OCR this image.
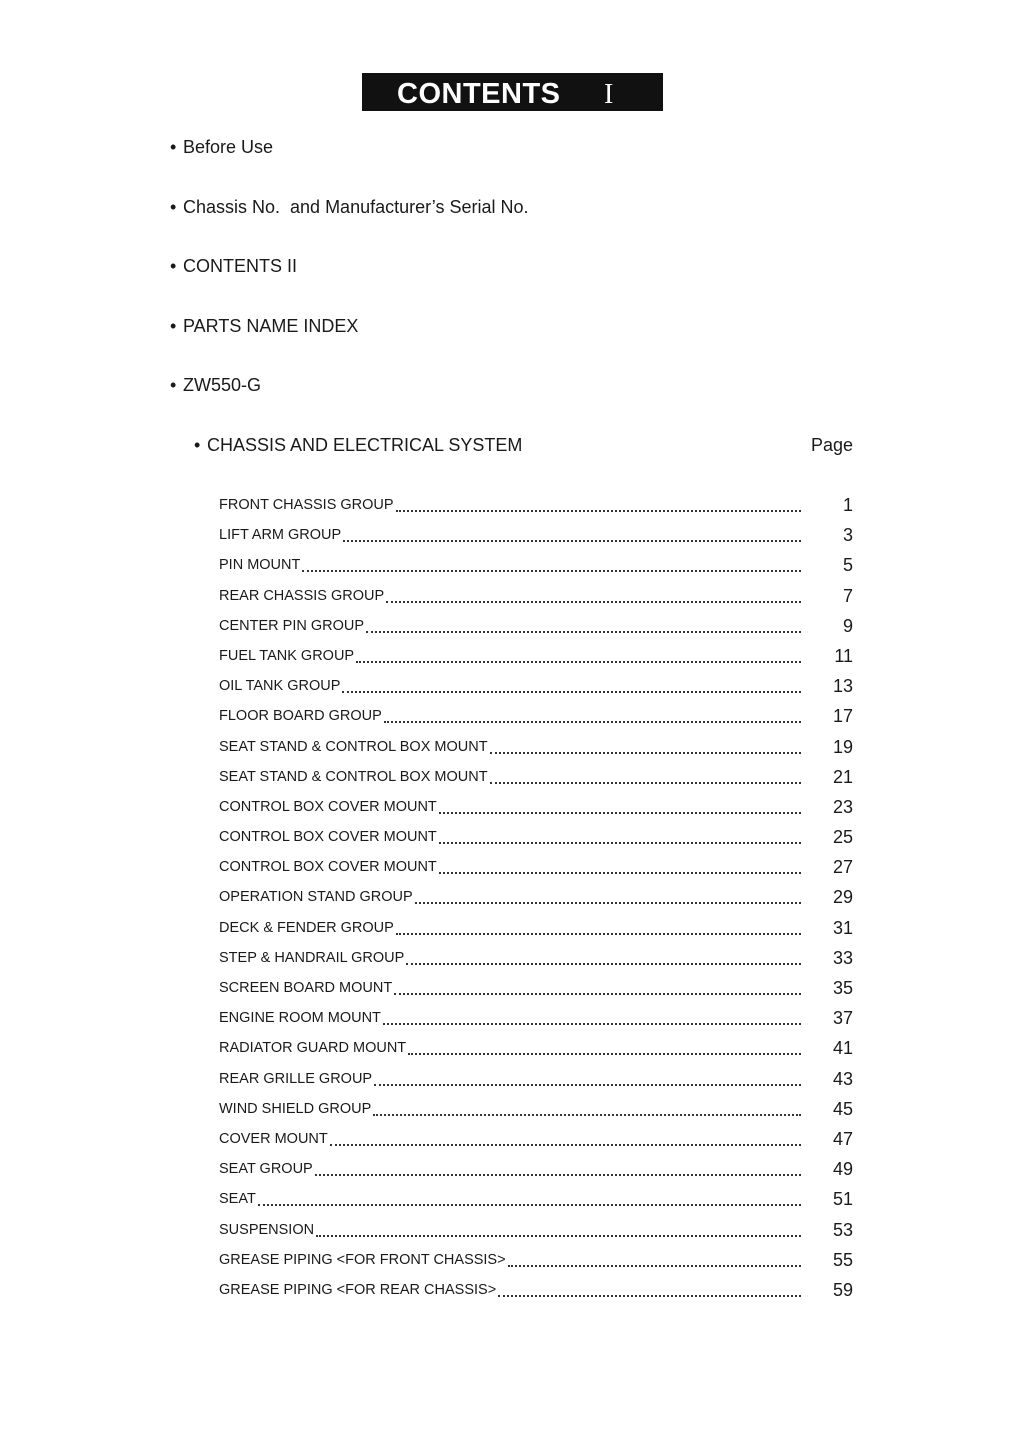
CONTENTS I
• Before Use
• Chassis No.  and Manufacturer’s Serial No.
• CONTENTS II
• PARTS NAME INDEX
• ZW550-G
• CHASSIS AND ELECTRICAL SYSTEM	Page
FRONT CHASSIS GROUP	1
LIFT ARM GROUP	3
PIN MOUNT	5
REAR CHASSIS GROUP	7
CENTER PIN GROUP	9
FUEL TANK GROUP	11
OIL TANK GROUP	13
FLOOR BOARD GROUP	17
SEAT STAND & CONTROL BOX MOUNT	19
SEAT STAND & CONTROL BOX MOUNT	21
CONTROL BOX COVER MOUNT	23
CONTROL BOX COVER MOUNT	25
CONTROL BOX COVER MOUNT	27
OPERATION STAND GROUP	29
DECK & FENDER GROUP	31
STEP & HANDRAIL GROUP	33
SCREEN BOARD MOUNT	35
ENGINE ROOM MOUNT	37
RADIATOR GUARD MOUNT	41
REAR GRILLE GROUP	43
WIND SHIELD GROUP	45
COVER MOUNT	47
SEAT GROUP	49
SEAT	51
SUSPENSION	53
GREASE PIPING <FOR FRONT CHASSIS>	55
GREASE PIPING <FOR REAR CHASSIS>	59
